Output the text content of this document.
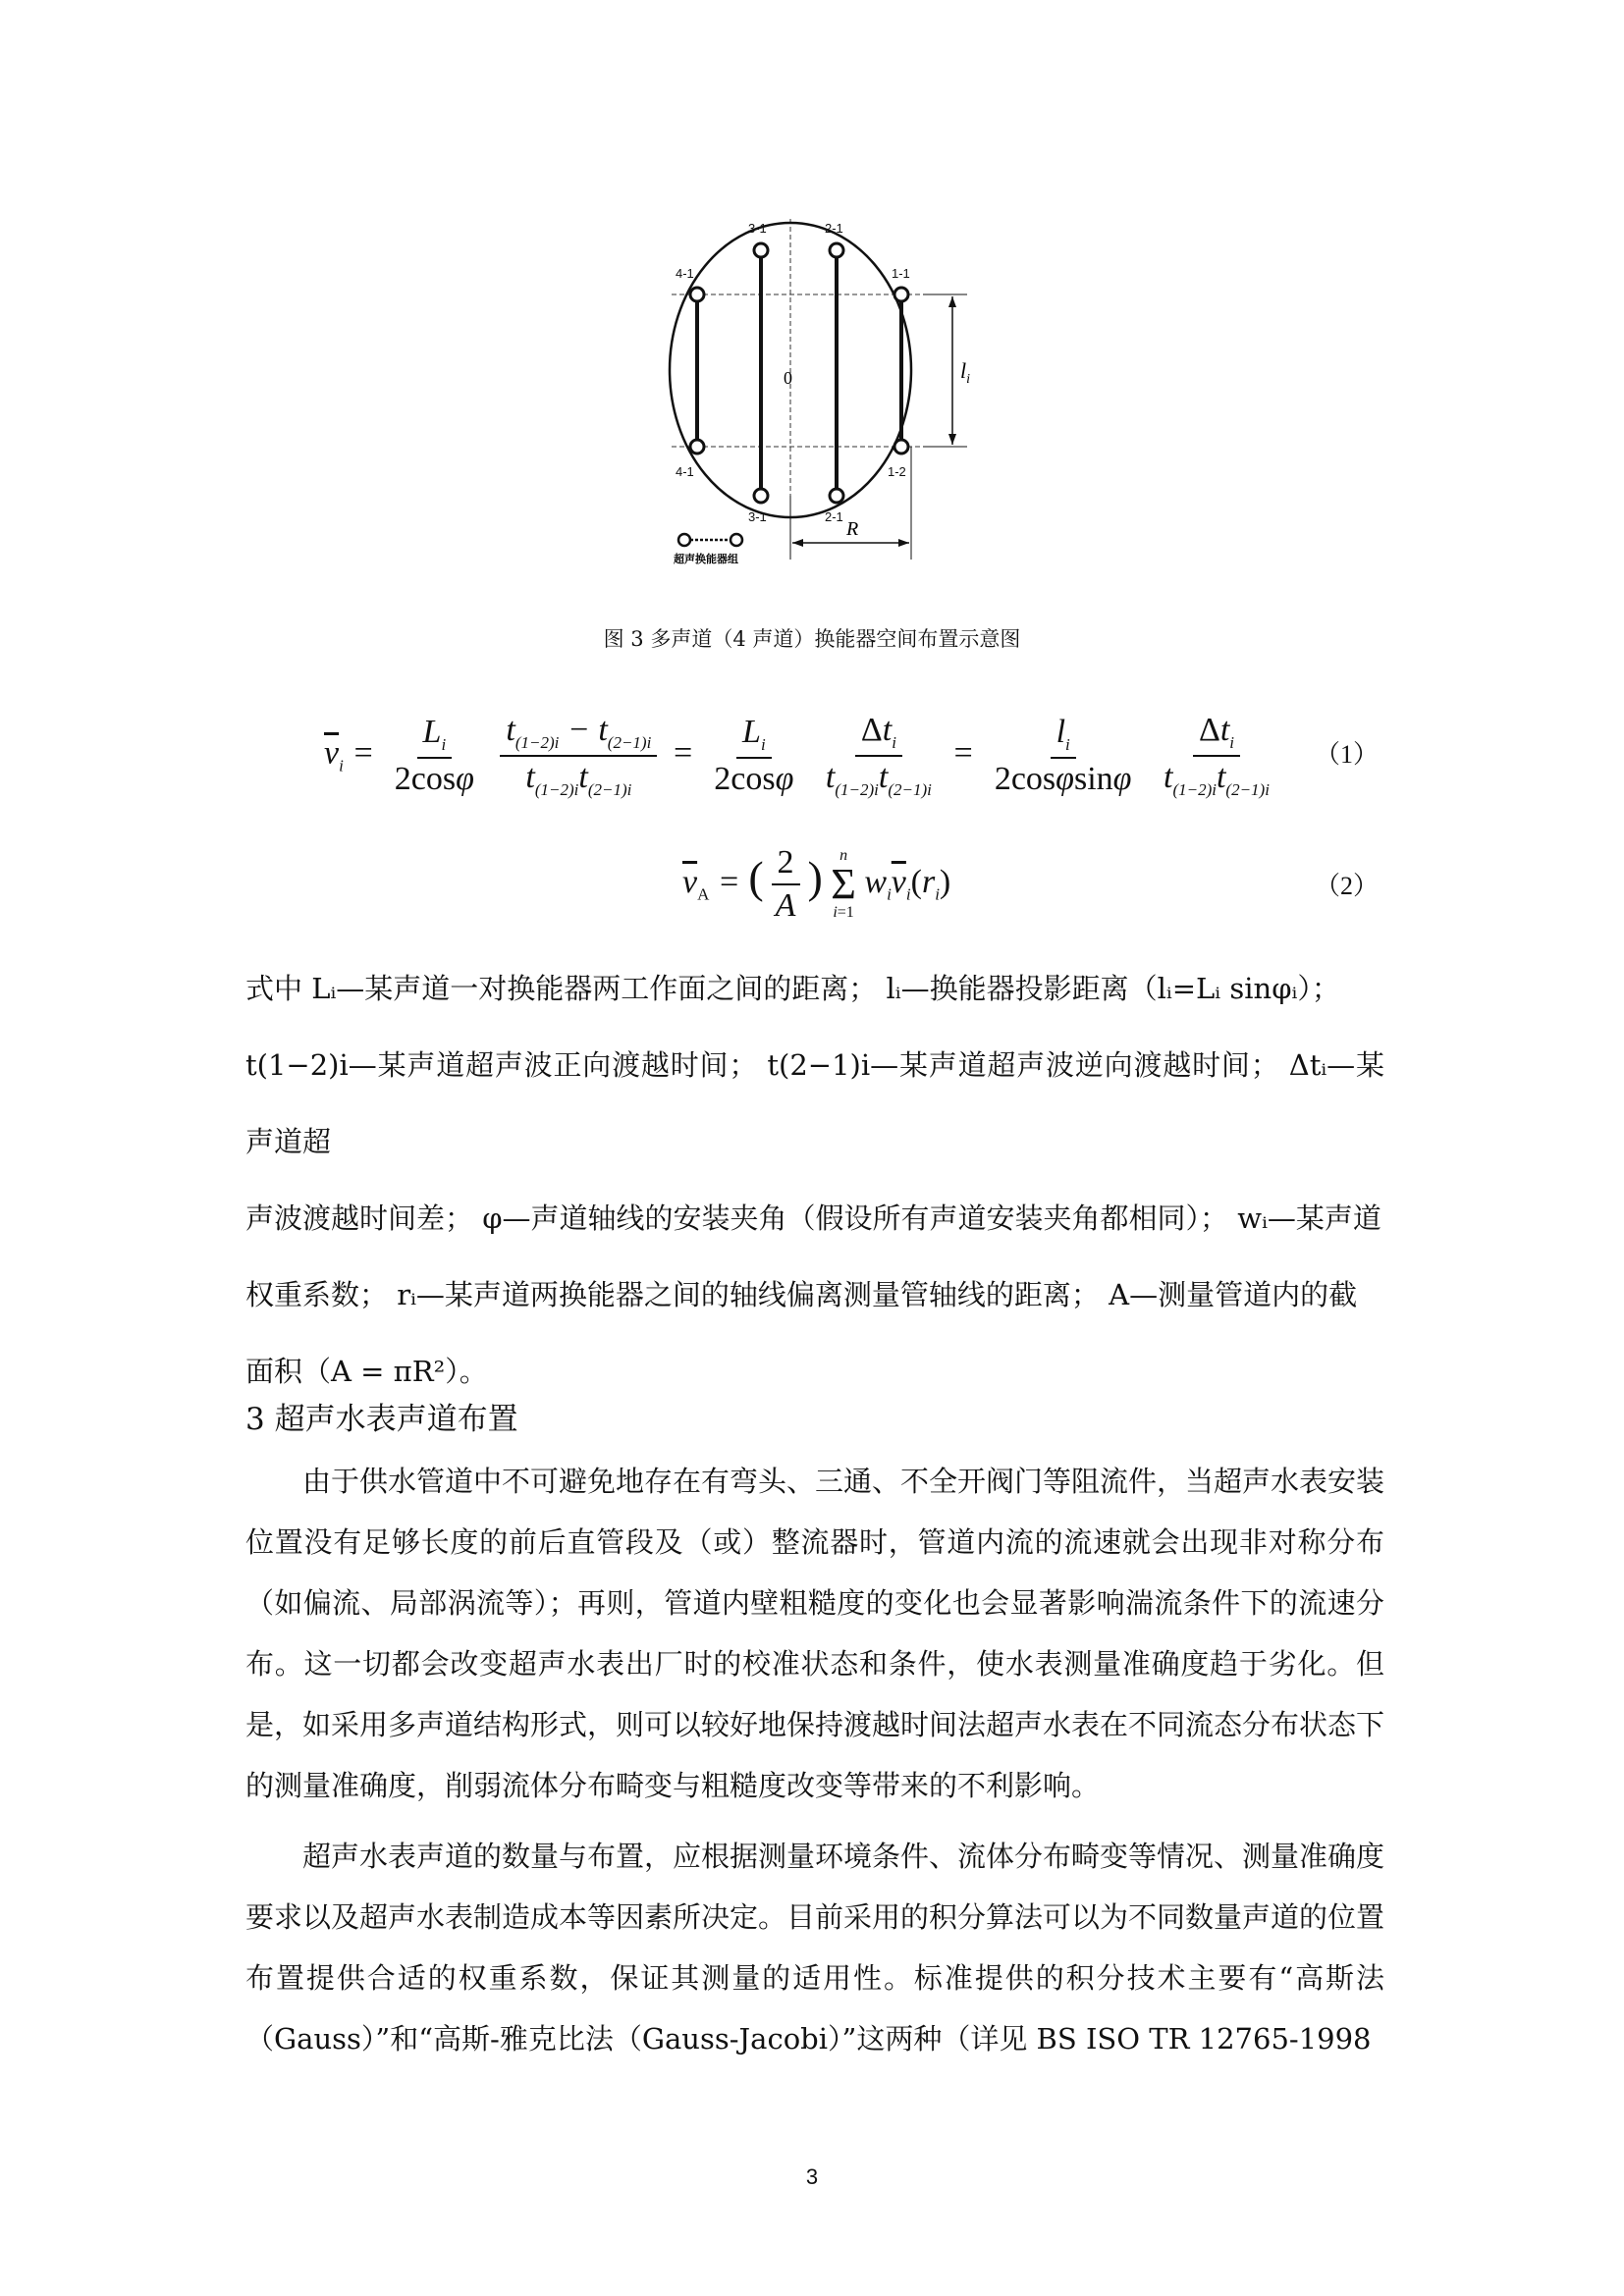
4-1
3-1	2-1
1-1
4-1
3-1	2-1
1-2
0	$l_i$
R
超声换能器组
图 3 多声道（4 声道）换能器空间布置示意图
$\overline{v}_i = \frac{L_i}{2\cos\varphi}$
$\frac{t_{(1-2)i} - t_{(2-1)i}}{t_{(1-2)i}t_{(2-1)i}} = \frac{L_i}{2\cos\varphi}$
$\frac{\Delta t_i}{t_{(1-2)i}t_{(2-1)i}} = \frac{l_i}{2\cos\varphi\sin\varphi}$
$\frac{\Delta t_i}{t_{(1-2)i}t_{(2-1)i}} (1)$
$\overline{v}_A$ = ( $\frac{2}{A}$ ) n
Σ
i=1
$w_i\overline{v}_i(r_i)$	（2）
式中 Lᵢ—某声道一对换能器两工作面之间的距离； lᵢ—换能器投影距离（lᵢ=Lᵢ sinφᵢ）；
t(1−2)i—某声道超声波正向渡越时间； t(2−1)i—某声道超声波逆向渡越时间； Δtᵢ—某声道超
声波渡越时间差； φ—声道轴线的安装夹角（假设所有声道安装夹角都相同）； wᵢ—某声道
权重系数； rᵢ—某声道两换能器之间的轴线偏离测量管轴线的距离； A—测量管道内的截
面积（A = πR²）。
3 超声水表声道布置
由于供水管道中不可避免地存在有弯头、三通、不全开阀门等阻流件，当超声水表安装位置没有足够长度的前后直管段及（或）整流器时，管道内流的流速就会出现非对称分布（如偏流、局部涡流等）；再则，管道内壁粗糙度的变化也会显著影响湍流条件下的流速分布。这一切都会改变超声水表出厂时的校准状态和条件，使水表测量准确度趋于劣化。但是，如采用多声道结构形式，则可以较好地保持渡越时间法超声水表在不同流态分布状态下的测量准确度，削弱流体分布畸变与粗糙度改变等带来的不利影响。
超声水表声道的数量与布置，应根据测量环境条件、流体分布畸变等情况、测量准确度要求以及超声水表制造成本等因素所决定。目前采用的积分算法可以为不同数量声道的位置布置提供合适的权重系数，保证其测量的适用性。标准提供的积分技术主要有“高斯法（Gauss）”和“高斯-雅克比法（Gauss-Jacobi）”这两种（详见 BS ISO TR 12765-1998
3
